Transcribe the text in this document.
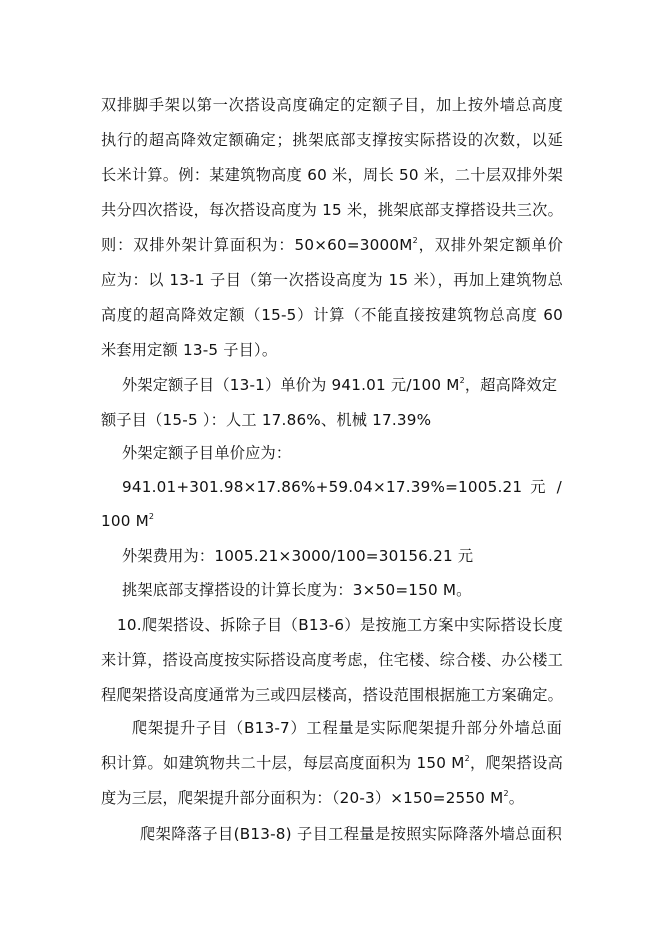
双排脚手架以第一次搭设高度确定的定额子目，加上按外墙总高度
执行的超高降效定额确定；挑架底部支撑按实际搭设的次数，以延
长米计算。例：某建筑物高度 60 米，周长 50 米，二十层双排外架
共分四次搭设，每次搭设高度为 15 米，挑架底部支撑搭设共三次。
则：双排外架计算面积为：$50\times 60=3000M^2$，双排外架定额单价
应为：以 13-1 子目（第一次搭设高度为 15 米），再加上建筑物总
高度的超高降效定额（15-5）计算（不能直接按建筑物总高度 60
米套用定额 13-5 子目）。
外架定额子目（13-1）单价为 941.01 元/100 $M^2$，超高降效定
额子目（15-5 ）：人工 17.86%、机械 17.39%
外架定额子目单价应为：
941.01+301.98×17.86%+59.04×17.39%=1005.21 元 /
100 $M^2$
外架费用为：1005.21×3000/100=30156.21 元
挑架底部支撑搭设的计算长度为：3×50=150 M。
10.爬架搭设、拆除子目（B13-6）是按施工方案中实际搭设长度
来计算，搭设高度按实际搭设高度考虑，住宅楼、综合楼、办公楼工
程爬架搭设高度通常为三或四层楼高，搭设范围根据施工方案确定。
爬架提升子目（B13-7）工程量是实际爬架提升部分外墙总面
积计算。如建筑物共二十层，每层高度面积为 150 $M^2$，爬架搭设高
度为三层，爬架提升部分面积为：（20-3）×150=2550 $M^2$。
爬架降落子目(B13-8) 子目工程量是按照实际降落外墙总面积
